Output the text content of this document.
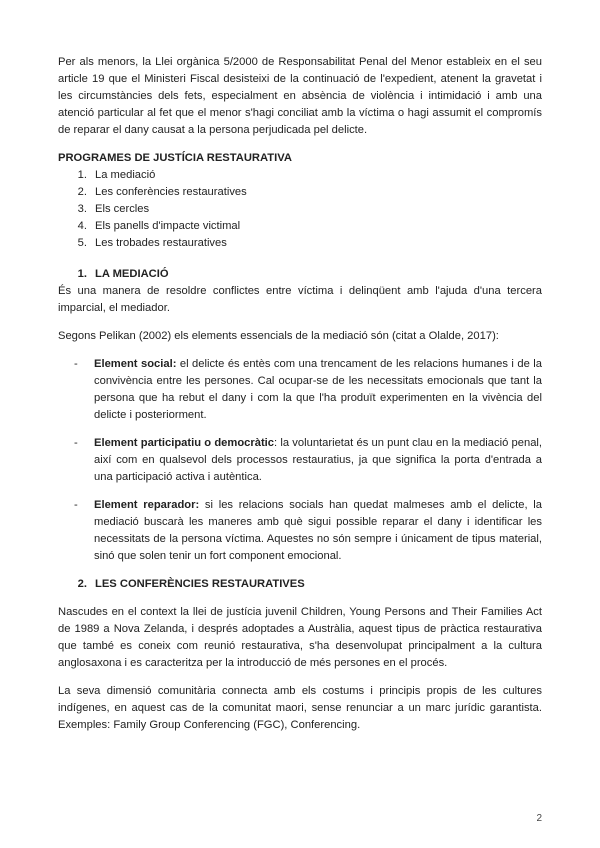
Per als menors, la Llei orgànica 5/2000 de Responsabilitat Penal del Menor estableix en el seu article 19 que el Ministeri Fiscal desisteixi de la continuació de l'expedient, atenent la gravetat i les circumstàncies dels fets, especialment en absència de violència i intimidació i amb una atenció particular al fet que el menor s'hagi conciliat amb la víctima o hagi assumit el compromís de reparar el dany causat a la persona perjudicada pel delicte.

PROGRAMES DE JUSTÍCIA RESTAURATIVA

1. La mediació
2. Les conferències restauratives
3. Els cercles
4. Els panells d'impacte victimal
5. Les trobades restauratives
1. LA MEDIACIÓ

És una manera de resoldre conflictes entre víctima i delinqüent amb l'ajuda d'una tercera imparcial, el mediador.

Segons Pelikan (2002) els elements essencials de la mediació són (citat a Olalde, 2017):

-	Element social: el delicte és entès com una trencament de les relacions humanes i de la convivència entre les persones. Cal ocupar-se de les necessitats emocionals que tant la persona que ha rebut el dany i com la que l'ha produït experimenten en la vivència del delicte i posteriorment.
-	Element participatiu o democràtic: la voluntarietat és un punt clau en la mediació penal, així com en qualsevol dels processos restauratius, ja que significa la porta d'entrada a una participació activa i autèntica.
-	Element reparador: si les relacions socials han quedat malmeses amb el delicte, la mediació buscarà les maneres amb què sigui possible reparar el dany i identificar les necessitats de la persona víctima. Aquestes no són sempre i únicament de tipus material, sinó que solen tenir un fort component emocional.
2. LES CONFERÈNCIES RESTAURATIVES

Nascudes en el context la llei de justícia juvenil Children, Young Persons and Their Families Act de 1989 a Nova Zelanda, i després adoptades a Austràlia, aquest tipus de pràctica restaurativa que també es coneix com reunió restaurativa, s'ha desenvolupat principalment a la cultura anglosaxona i es caracteritza per la introducció de més persones en el procés.

La seva dimensió comunitària connecta amb els costums i principis propis de les cultures indígenes, en aquest cas de la comunitat maori, sense renunciar a un marc jurídic garantista. Exemples: Family Group Conferencing (FGC), Conferencing.

2
